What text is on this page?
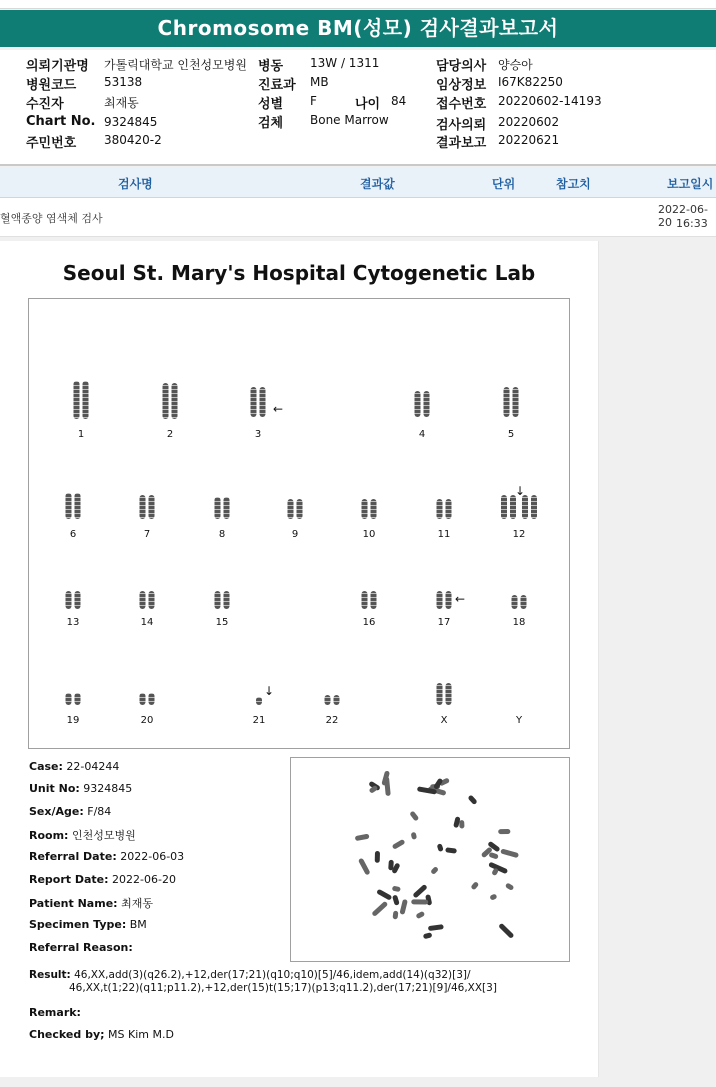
Chromosome BM(성모) 검사결과보고서
의뢰기관명 가톨릭대학교 인천성모병원
병원코드 53138
수진자	최재동
Chart No. 9324845
주민번호 380420-2
병동 13W / 1311
진료과 MB
성별 F	나이 84
검체 Bone Marrow
담당의사 양승아
임상정보 I67K82250
접수번호 20220602-14193
검사의뢰 20220602
결과보고 20220621
검사명	결과값	단위	참고치	보고일시
혈액종양 염색체 검사
2022-06-20 16:33
Seoul St. Mary's Hospital Cytogenetic Lab
1	2	3	4	5
6	7	8	9	10	11	12
13	14	15	16	17	18
19	20	21	22	X	Y
←
↓
←
↓
Case: 22-04244
Unit No: 9324845
Sex/Age: F/84
Room: 인천성모병원
Referral Date: 2022-06-03
Report Date: 2022-06-20
Patient Name: 최재동
Specimen Type: BM
Referral Reason:
Result: 46,XX,add(3)(q26.2),+12,der(17;21)(q10;q10)[5]/46,idem,add(14)(q32)[3]/
46,XX,t(1;22)(q11;p11.2),+12,der(15)t(15;17)(p13;q11.2),der(17;21)[9]/46,XX[3]
Remark:
Checked by; MS Kim M.D
